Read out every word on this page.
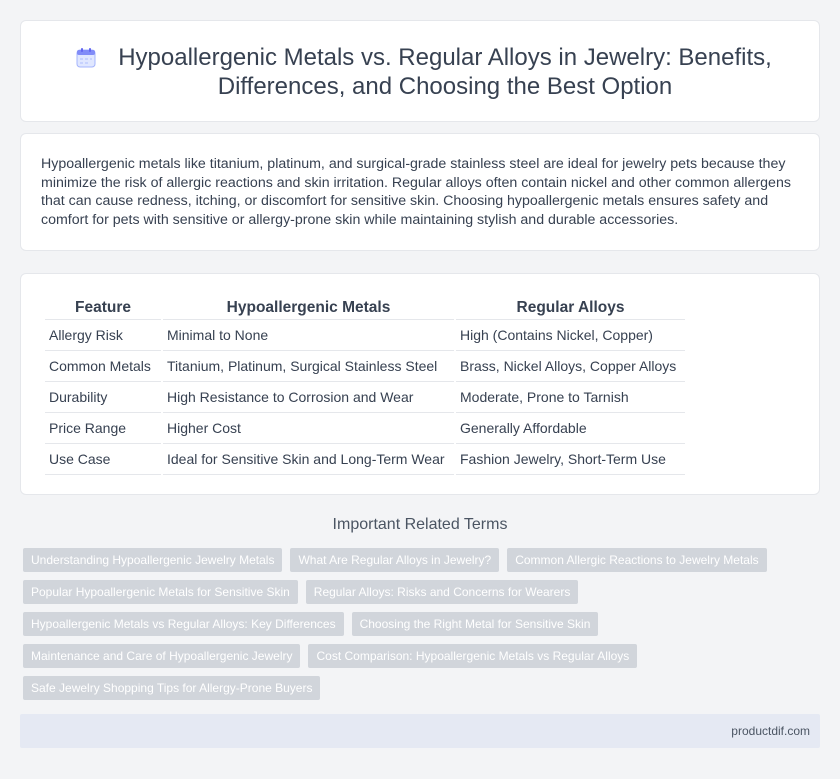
Hypoallergenic Metals vs. Regular Alloys in Jewelry: Benefits, Differences, and Choosing the Best Option

Hypoallergenic metals like titanium, platinum, and surgical-grade stainless steel are ideal for jewelry pets because they minimize the risk of allergic reactions and skin irritation. Regular alloys often contain nickel and other common allergens that can cause redness, itching, or discomfort for sensitive skin. Choosing hypoallergenic metals ensures safety and comfort for pets with sensitive or allergy-prone skin while maintaining stylish and durable accessories.

Feature	Hypoallergenic Metals	Regular Alloys
Allergy Risk	Minimal to None	High (Contains Nickel, Copper)
Common Metals	Titanium, Platinum, Surgical Stainless Steel	Brass, Nickel Alloys, Copper Alloys
Durability	High Resistance to Corrosion and Wear	Moderate, Prone to Tarnish
Price Range	Higher Cost	Generally Affordable
Use Case	Ideal for Sensitive Skin and Long-Term Wear	Fashion Jewelry, Short-Term Use
Important Related Terms
Understanding Hypoallergenic Jewelry Metals	What Are Regular Alloys in Jewelry?	Common Allergic Reactions to Jewelry Metals
Popular Hypoallergenic Metals for Sensitive Skin	Regular Alloys: Risks and Concerns for Wearers
Hypoallergenic Metals vs Regular Alloys: Key Differences	Choosing the Right Metal for Sensitive Skin
Maintenance and Care of Hypoallergenic Jewelry	Cost Comparison: Hypoallergenic Metals vs Regular Alloys
Safe Jewelry Shopping Tips for Allergy-Prone Buyers
productdif.com
